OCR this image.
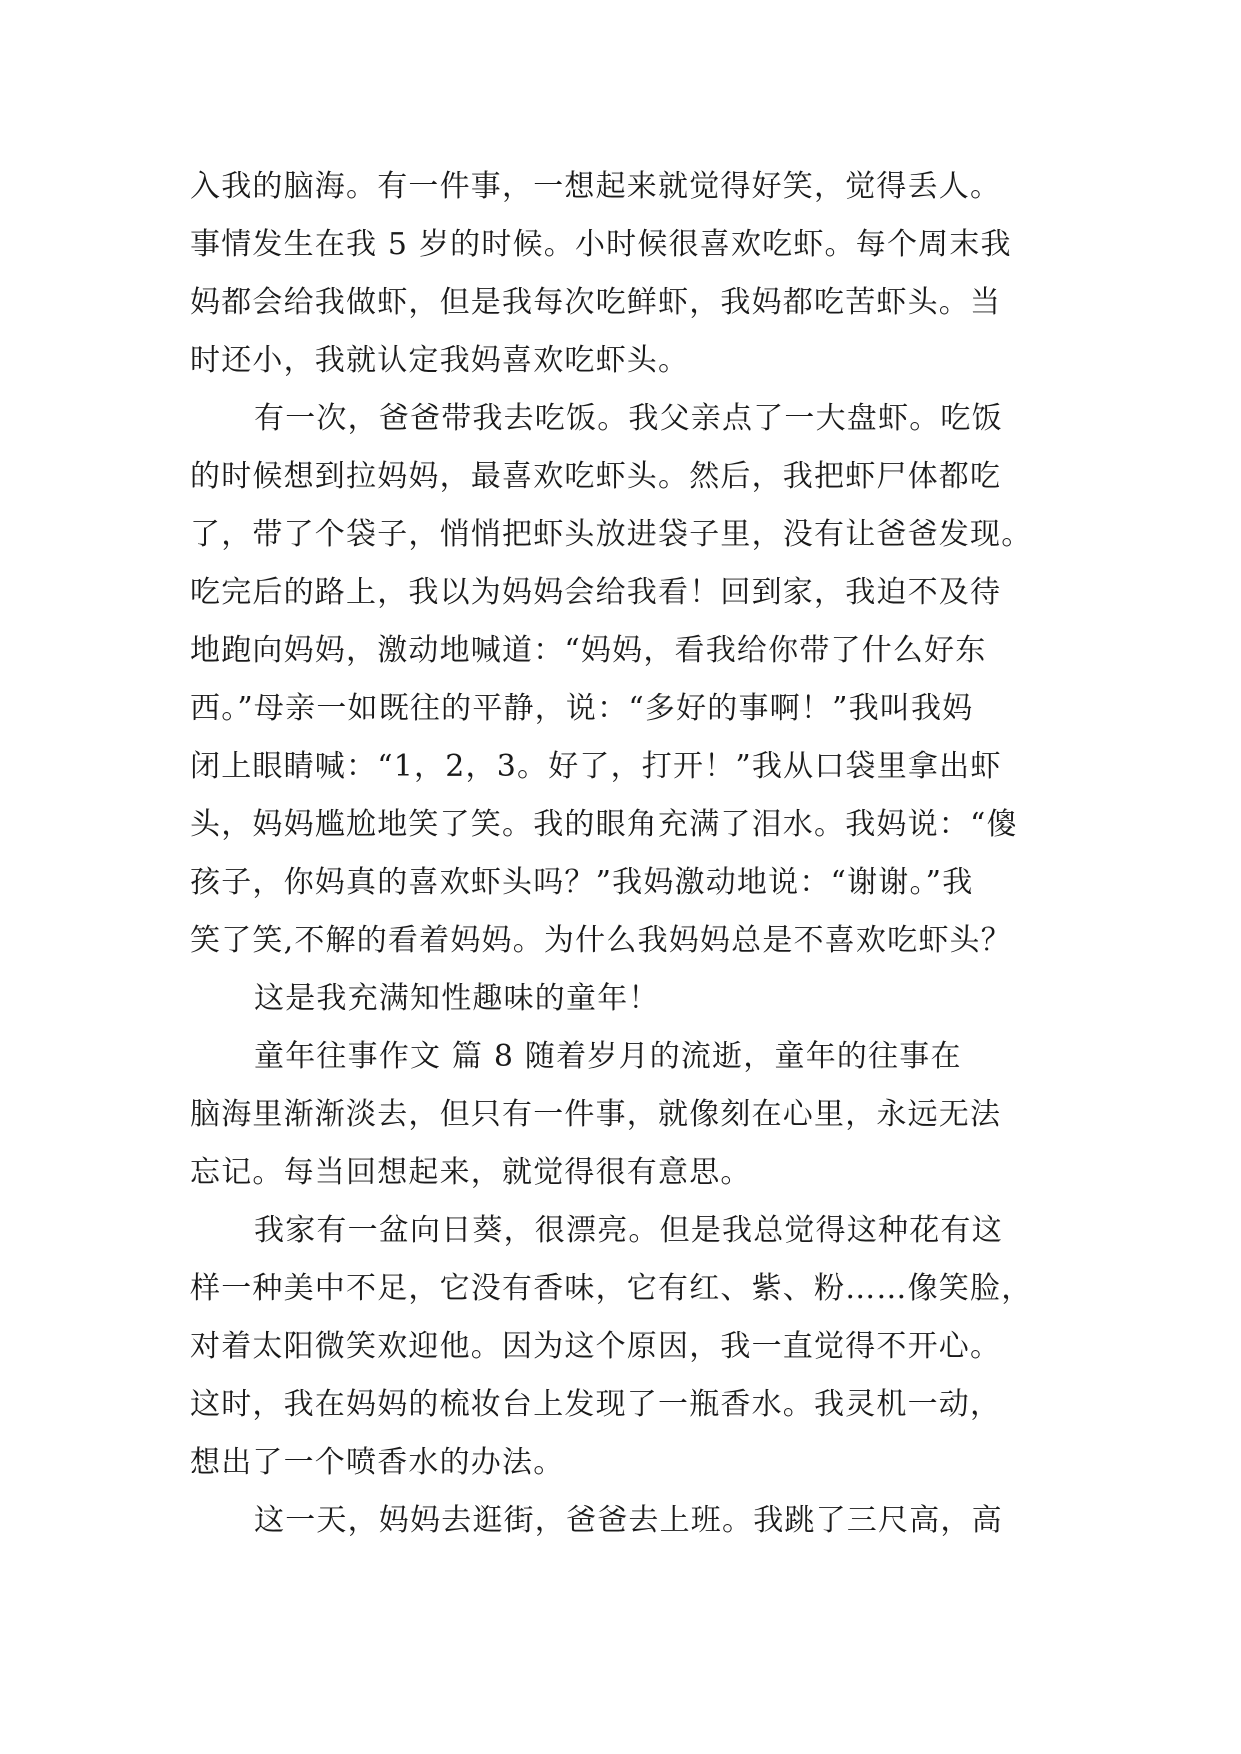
入我的脑海。有一件事，一想起来就觉得好笑，觉得丢人。
事情发生在我 5 岁的时候。小时候很喜欢吃虾。每个周末我
妈都会给我做虾，但是我每次吃鲜虾，我妈都吃苦虾头。当
时还小，我就认定我妈喜欢吃虾头。
有一次，爸爸带我去吃饭。我父亲点了一大盘虾。吃饭
的时候想到拉妈妈，最喜欢吃虾头。然后，我把虾尸体都吃
了，带了个袋子，悄悄把虾头放进袋子里，没有让爸爸发现。
吃完后的路上，我以为妈妈会给我看！回到家，我迫不及待
地跑向妈妈，激动地喊道：“妈妈，看我给你带了什么好东
西。”母亲一如既往的平静，说：“多好的事啊！”我叫我妈
闭上眼睛喊：“1，2，3。好了，打开！”我从口袋里拿出虾
头，妈妈尴尬地笑了笑。我的眼角充满了泪水。我妈说：“傻
孩子，你妈真的喜欢虾头吗？”我妈激动地说：“谢谢。”我
笑了笑,不解的看着妈妈。为什么我妈妈总是不喜欢吃虾头？
这是我充满知性趣味的童年！
童年往事作文 篇 8 随着岁月的流逝，童年的往事在
脑海里渐渐淡去，但只有一件事，就像刻在心里，永远无法
忘记。每当回想起来，就觉得很有意思。
我家有一盆向日葵，很漂亮。但是我总觉得这种花有这
样一种美中不足，它没有香味，它有红、紫、粉……像笑脸，
对着太阳微笑欢迎他。因为这个原因，我一直觉得不开心。
这时，我在妈妈的梳妆台上发现了一瓶香水。我灵机一动，
想出了一个喷香水的办法。
这一天，妈妈去逛街，爸爸去上班。我跳了三尺高，高
